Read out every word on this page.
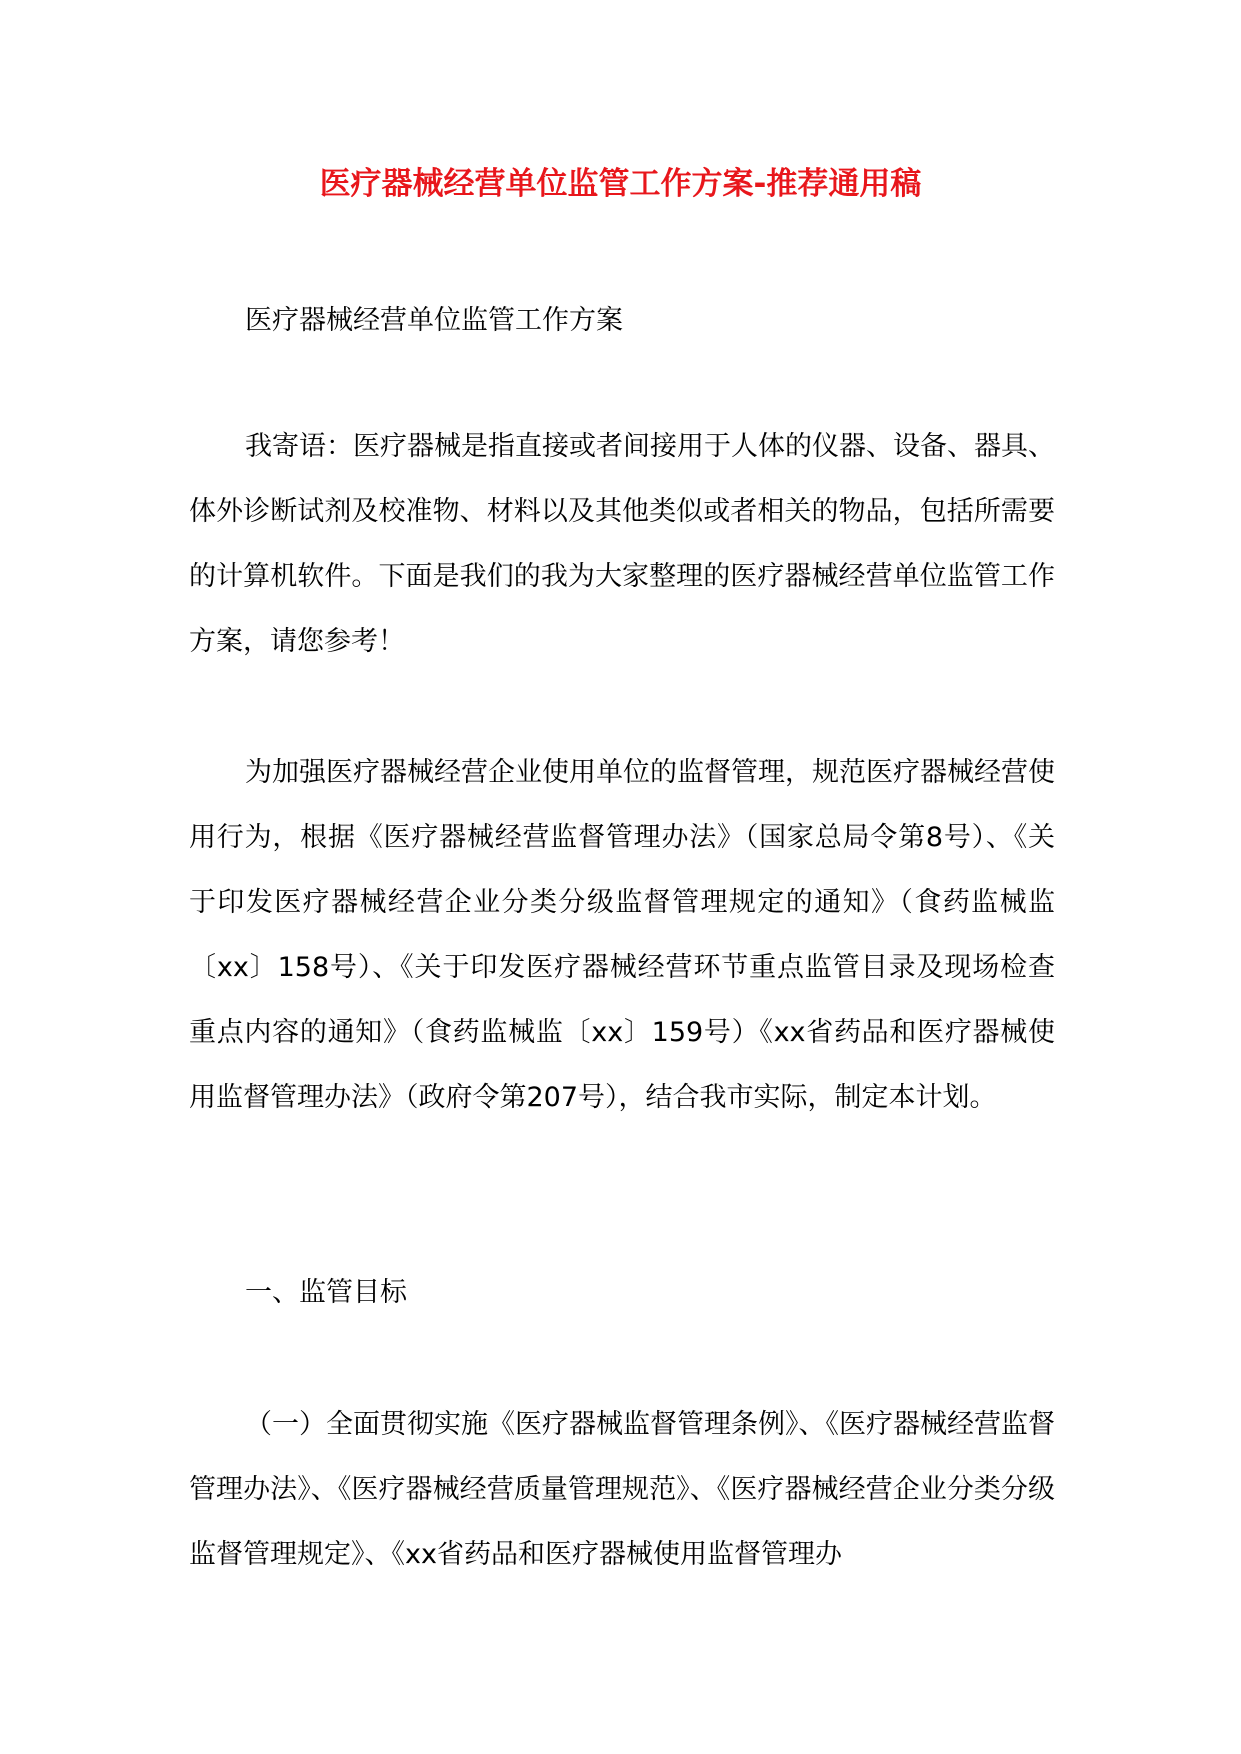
医疗器械经营单位监管工作方案-推荐通用稿

医疗器械经营单位监管工作方案

我寄语：医疗器械是指直接或者间接用于人体的仪器、设备、器具、体外诊断试剂及校准物、材料以及其他类似或者相关的物品，包括所需要的计算机软件。下面是我们的我为大家整理的医疗器械经营单位监管工作方案，请您参考！

为加强医疗器械经营企业使用单位的监督管理，规范医疗器械经营使用行为，根据《医疗器械经营监督管理办法》（国家总局令第8号）、《关于印发医疗器械经营企业分类分级监督管理规定的通知》（食药监械监〔xx〕158号）、《关于印发医疗器械经营环节重点监管目录及现场检查重点内容的通知》（食药监械监〔xx〕159号）《xx省药品和医疗器械使用监督管理办法》（政府令第207号），结合我市实际，制定本计划。

一、监管目标

（一）全面贯彻实施《医疗器械监督管理条例》、《医疗器械经营监督管理办法》、《医疗器械经营质量管理规范》、《医疗器械经营企业分类分级监督管理规定》、《xx省药品和医疗器械使用监督管理办
